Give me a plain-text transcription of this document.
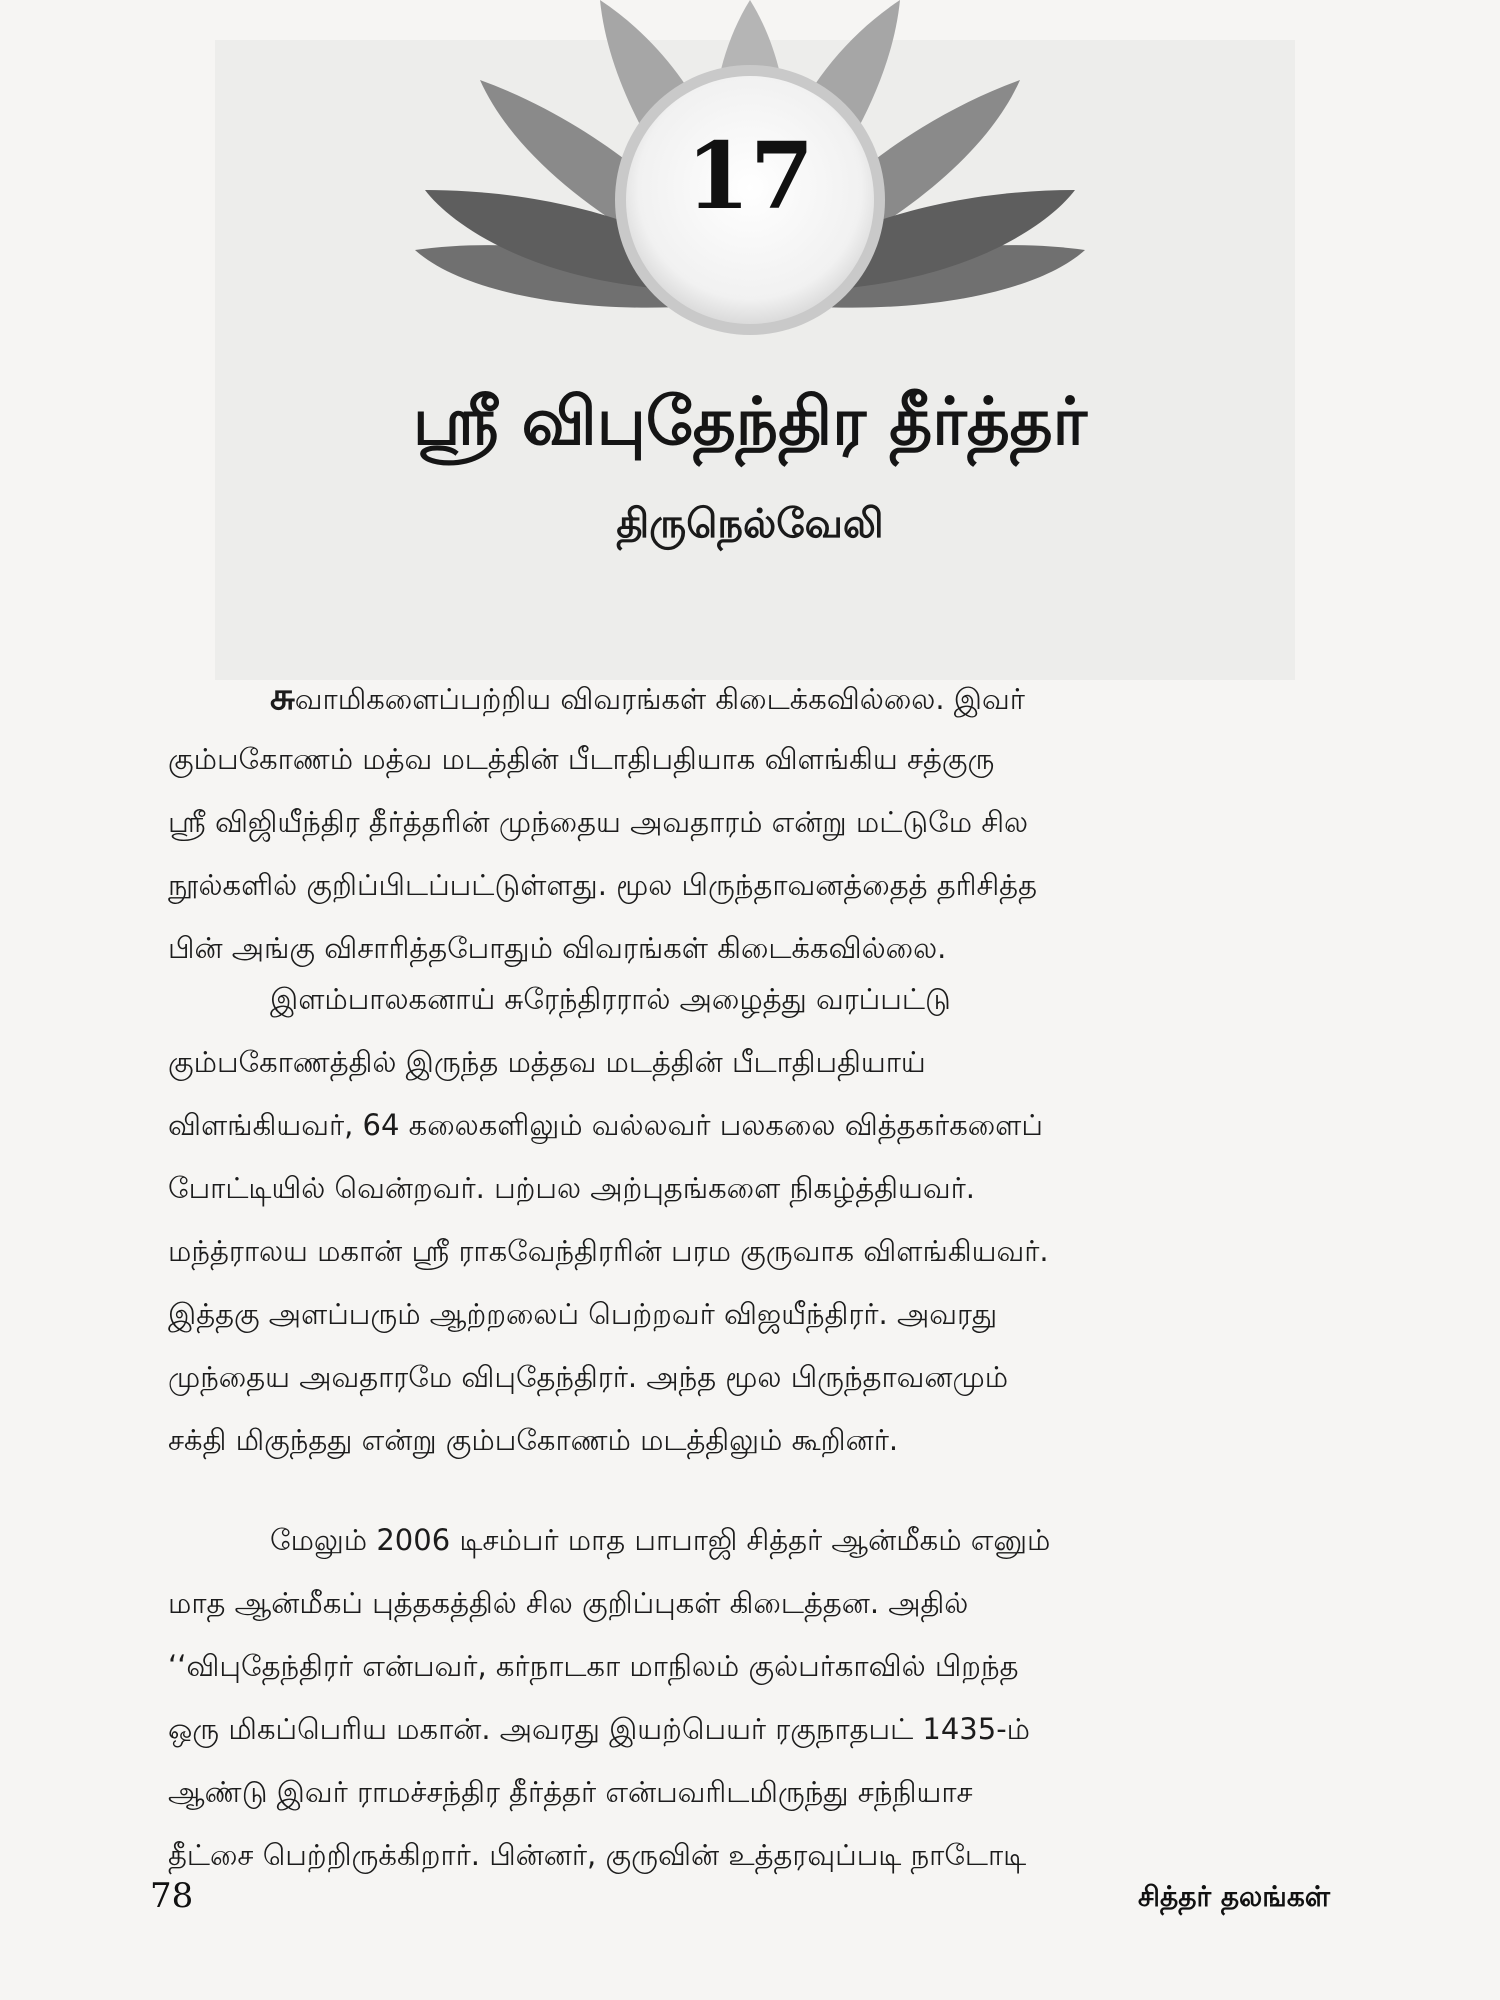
17
ஸ்ரீ விபுதேந்திர தீர்த்தர்
திருநெல்வேலி
சுவாமிகளைப்பற்றிய விவரங்கள் கிடைக்கவில்லை. இவர்
கும்பகோணம் மத்வ மடத்தின் பீடாதிபதியாக விளங்கிய சத்குரு
ஸ்ரீ விஜியீந்திர தீர்த்தரின் முந்தைய அவதாரம் என்று மட்டுமே சில
நூல்களில் குறிப்பிடப்பட்டுள்ளது. மூல பிருந்தாவனத்தைத் தரிசித்த
பின் அங்கு விசாரித்தபோதும் விவரங்கள் கிடைக்கவில்லை.
இளம்பாலகனாய் சுரேந்திரரால் அழைத்து வரப்பட்டு
கும்பகோணத்தில் இருந்த மத்தவ மடத்தின் பீடாதிபதியாய்
விளங்கியவர், 64 கலைகளிலும் வல்லவர் பலகலை வித்தகர்களைப்
போட்டியில் வென்றவர். பற்பல அற்புதங்களை நிகழ்த்தியவர்.
மந்த்ராலய மகான் ஸ்ரீ ராகவேந்திரரின் பரம குருவாக விளங்கியவர்.
இத்தகு அளப்பரும் ஆற்றலைப் பெற்றவர் விஜயீந்திரர். அவரது
முந்தைய அவதாரமே விபுதேந்திரர். அந்த மூல பிருந்தாவனமும்
சக்தி மிகுந்தது என்று கும்பகோணம் மடத்திலும் கூறினர்.
மேலும் 2006 டிசம்பர் மாத பாபாஜி சித்தர் ஆன்மீகம் எனும்
மாத ஆன்மீகப் புத்தகத்தில் சில குறிப்புகள் கிடைத்தன. அதில்
‘‘விபுதேந்திரர் என்பவர், கர்நாடகா மாநிலம் குல்பர்காவில் பிறந்த
ஒரு மிகப்பெரிய மகான். அவரது இயற்பெயர் ரகுநாதபட் 1435-ம்
ஆண்டு இவர் ராமச்சந்திர தீர்த்தர் என்பவரிடமிருந்து சந்நியாச
தீட்சை பெற்றிருக்கிறார். பின்னர், குருவின் உத்தரவுப்படி நாடோடி
78	சித்தர் தலங்கள்
